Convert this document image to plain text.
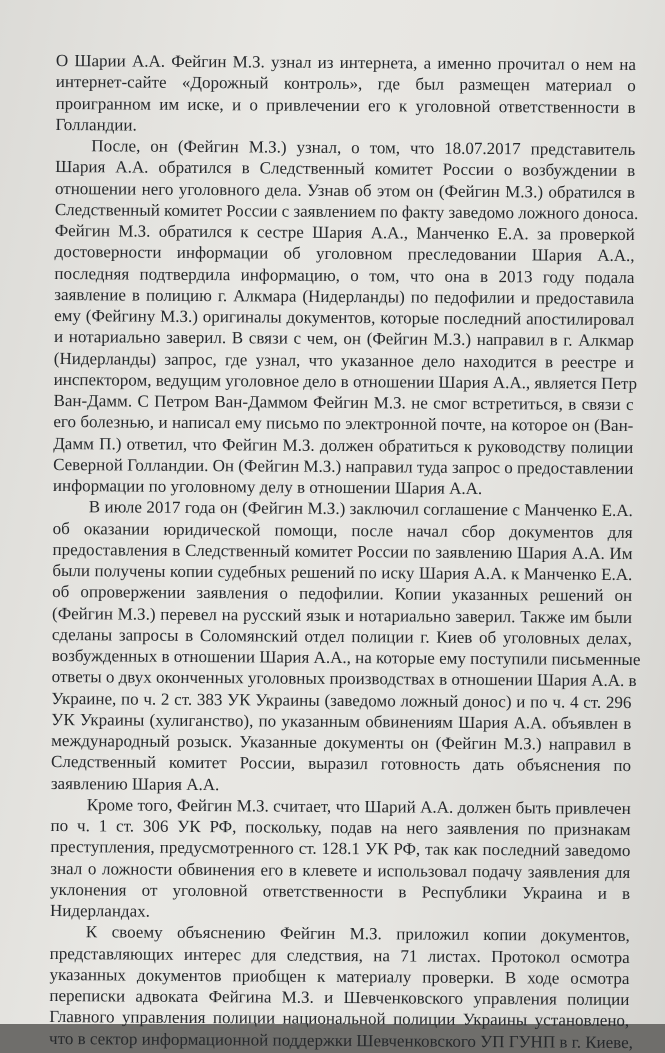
О Шарии А.А. Фейгин М.З. узнал из интернета, а именно прочитал о нем на
интернет-сайте «Дорожный контроль», где был размещен материал о
проигранном им иске, и о привлечении его к уголовной ответственности в
Голландии.
После, он (Фейгин М.З.) узнал, о том, что 18.07.2017 представитель
Шария А.А. обратился в Следственный комитет России о возбуждении в
отношении него уголовного дела. Узнав об этом он (Фейгин М.З.) обратился в
Следственный комитет России с заявлением по факту заведомо ложного доноса.
Фейгин М.З. обратился к сестре Шария А.А., Манченко Е.А. за проверкой
достоверности информации об уголовном преследовании Шария А.А.,
последняя подтвердила информацию, о том, что она в 2013 году подала
заявление в полицию г. Алкмара (Нидерланды) по педофилии и предоставила
ему (Фейгину М.З.) оригиналы документов, которые последний апостилировал
и нотариально заверил. В связи с чем, он (Фейгин М.З.) направил в г. Алкмар
(Нидерланды) запрос, где узнал, что указанное дело находится в реестре и
инспектором, ведущим уголовное дело в отношении Шария А.А., является Петр
Ван-Дамм. С Петром Ван-Даммом Фейгин М.З. не смог встретиться, в связи с
его болезнью, и написал ему письмо по электронной почте, на которое он (Ван-
Дамм П.) ответил, что Фейгин М.З. должен обратиться к руководству полиции
Северной Голландии. Он (Фейгин М.З.) направил туда запрос о предоставлении
информации по уголовному делу в отношении Шария А.А.
В июле 2017 года он (Фейгин М.З.) заключил соглашение с Манченко Е.А.
об оказании юридической помощи, после начал сбор документов для
предоставления в Следственный комитет России по заявлению Шария А.А. Им
были получены копии судебных решений по иску Шария А.А. к Манченко Е.А.
об опровержении заявления о педофилии. Копии указанных решений он
(Фейгин М.З.) перевел на русский язык и нотариально заверил. Также им были
сделаны запросы в Соломянский отдел полиции г. Киев об уголовных делах,
возбужденных в отношении Шария А.А., на которые ему поступили письменные
ответы о двух оконченных уголовных производствах в отношении Шария А.А. в
Украине, по ч. 2 ст. 383 УК Украины (заведомо ложный донос) и по ч. 4 ст. 296
УК Украины (хулиганство), по указанным обвинениям Шария А.А. объявлен в
международный розыск. Указанные документы он (Фейгин М.З.) направил в
Следственный комитет России, выразил готовность дать объяснения по
заявлению Шария А.А.
Кроме того, Фейгин М.З. считает, что Шарий А.А. должен быть привлечен
по ч. 1 ст. 306 УК РФ, поскольку, подав на него заявления по признакам
преступления, предусмотренного ст. 128.1 УК РФ, так как последний заведомо
знал о ложности обвинения его в клевете и использовал подачу заявления для
уклонения от уголовной ответственности в Республики Украина и в
Нидерландах.
К своему объяснению Фейгин М.З. приложил копии документов,
представляющих интерес для следствия, на 71 листах. Протокол осмотра
указанных документов приобщен к материалу проверки. В ходе осмотра
переписки адвоката Фейгина М.З. и Шевченковского управления полиции
Главного управления полиции национальной полиции Украины установлено,
что в сектор информационной поддержки Шевченковского УП ГУНП в г. Киеве,
